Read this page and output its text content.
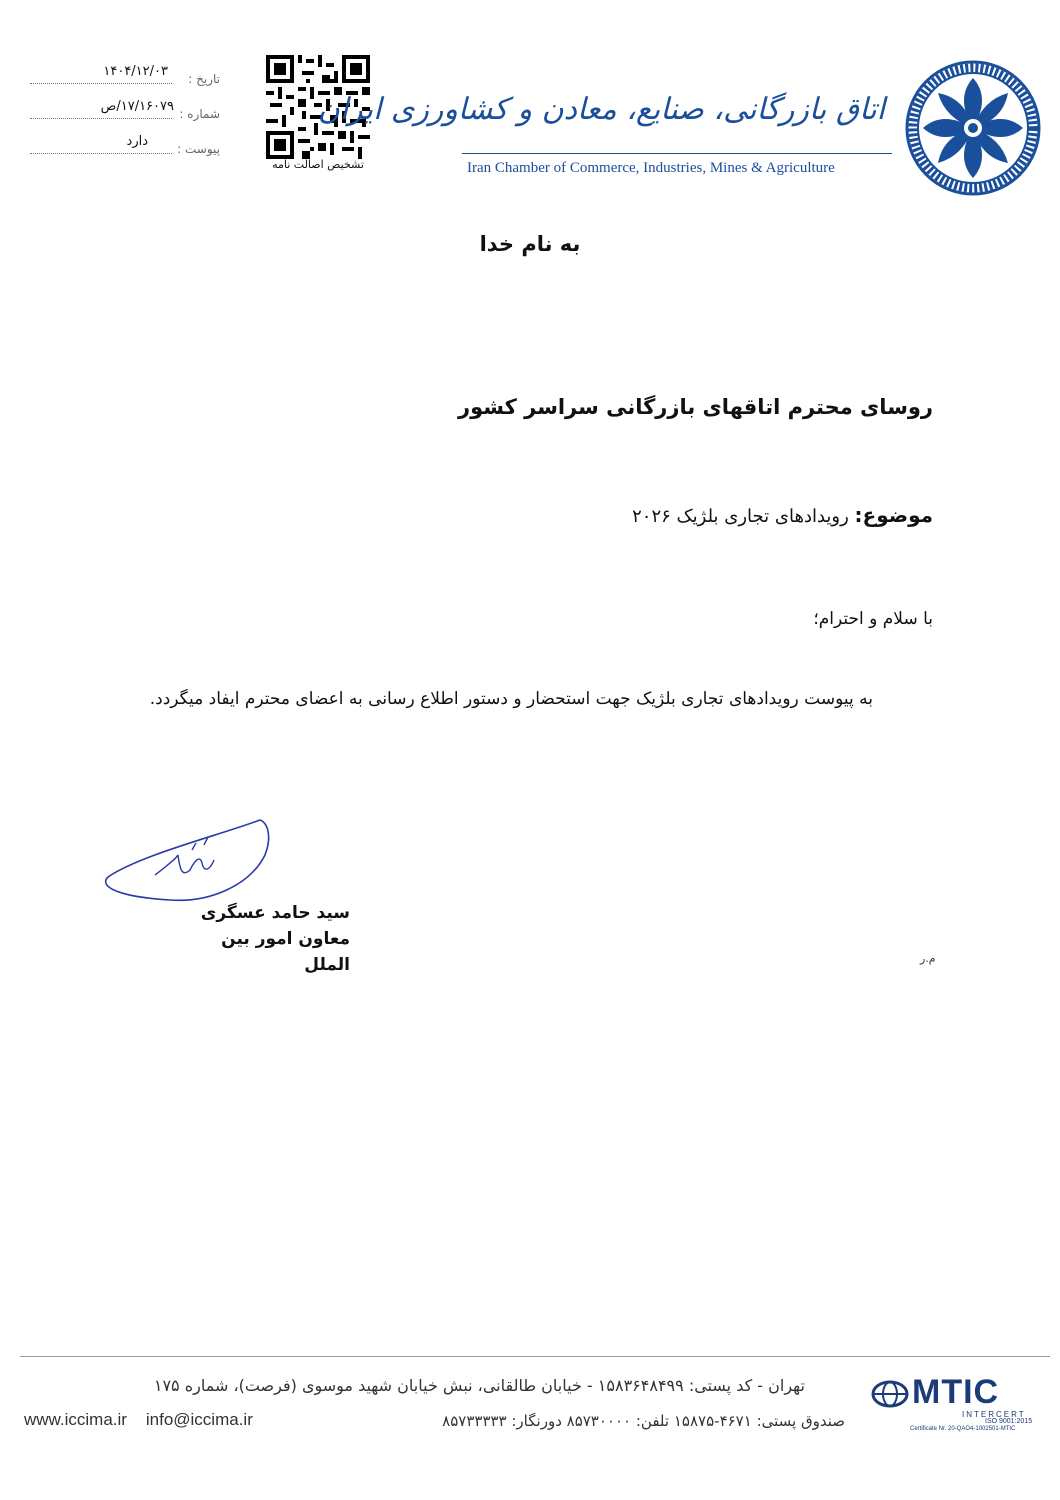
تاریخ :
۱۴۰۴/۱۲/۰۳
شماره :
۱۷/۱۶۰۷۹/ص
پیوست :
دارد
تشخیص اصالت نامه
اتاق بازرگانی، صنایع، معادن و کشاورزی ایران
Iran Chamber of Commerce, Industries, Mines & Agriculture
به نام خدا
روسای محترم اتاقهای بازرگانی سراسر کشور
موضوع: رویدادهای تجاری بلژیک ۲۰۲۶
با سلام و احترام؛
به پیوست رویدادهای تجاری بلژیک جهت استحضار و دستور اطلاع رسانی به اعضای محترم ایفاد میگردد.
سید حامد عسگری
معاون امور بین الملل	م.ر
تهران - کد پستی: ۱۵۸۳۶۴۸۴۹۹ - خیابان طالقانی، نبش خیابان شهید موسوی (فرصت)، شماره ۱۷۵
صندوق پستی: ۴۶۷۱-۱۵۸۷۵ تلفن: ۸۵۷۳۰۰۰۰ دورنگار: ۸۵۷۳۳۳۳۳
www.iccima.ir info@iccima.ir
MTIC
INTERCERT
ISO 9001:2015
Certificate Nr. 20-QAO4-1002501-MTIC
